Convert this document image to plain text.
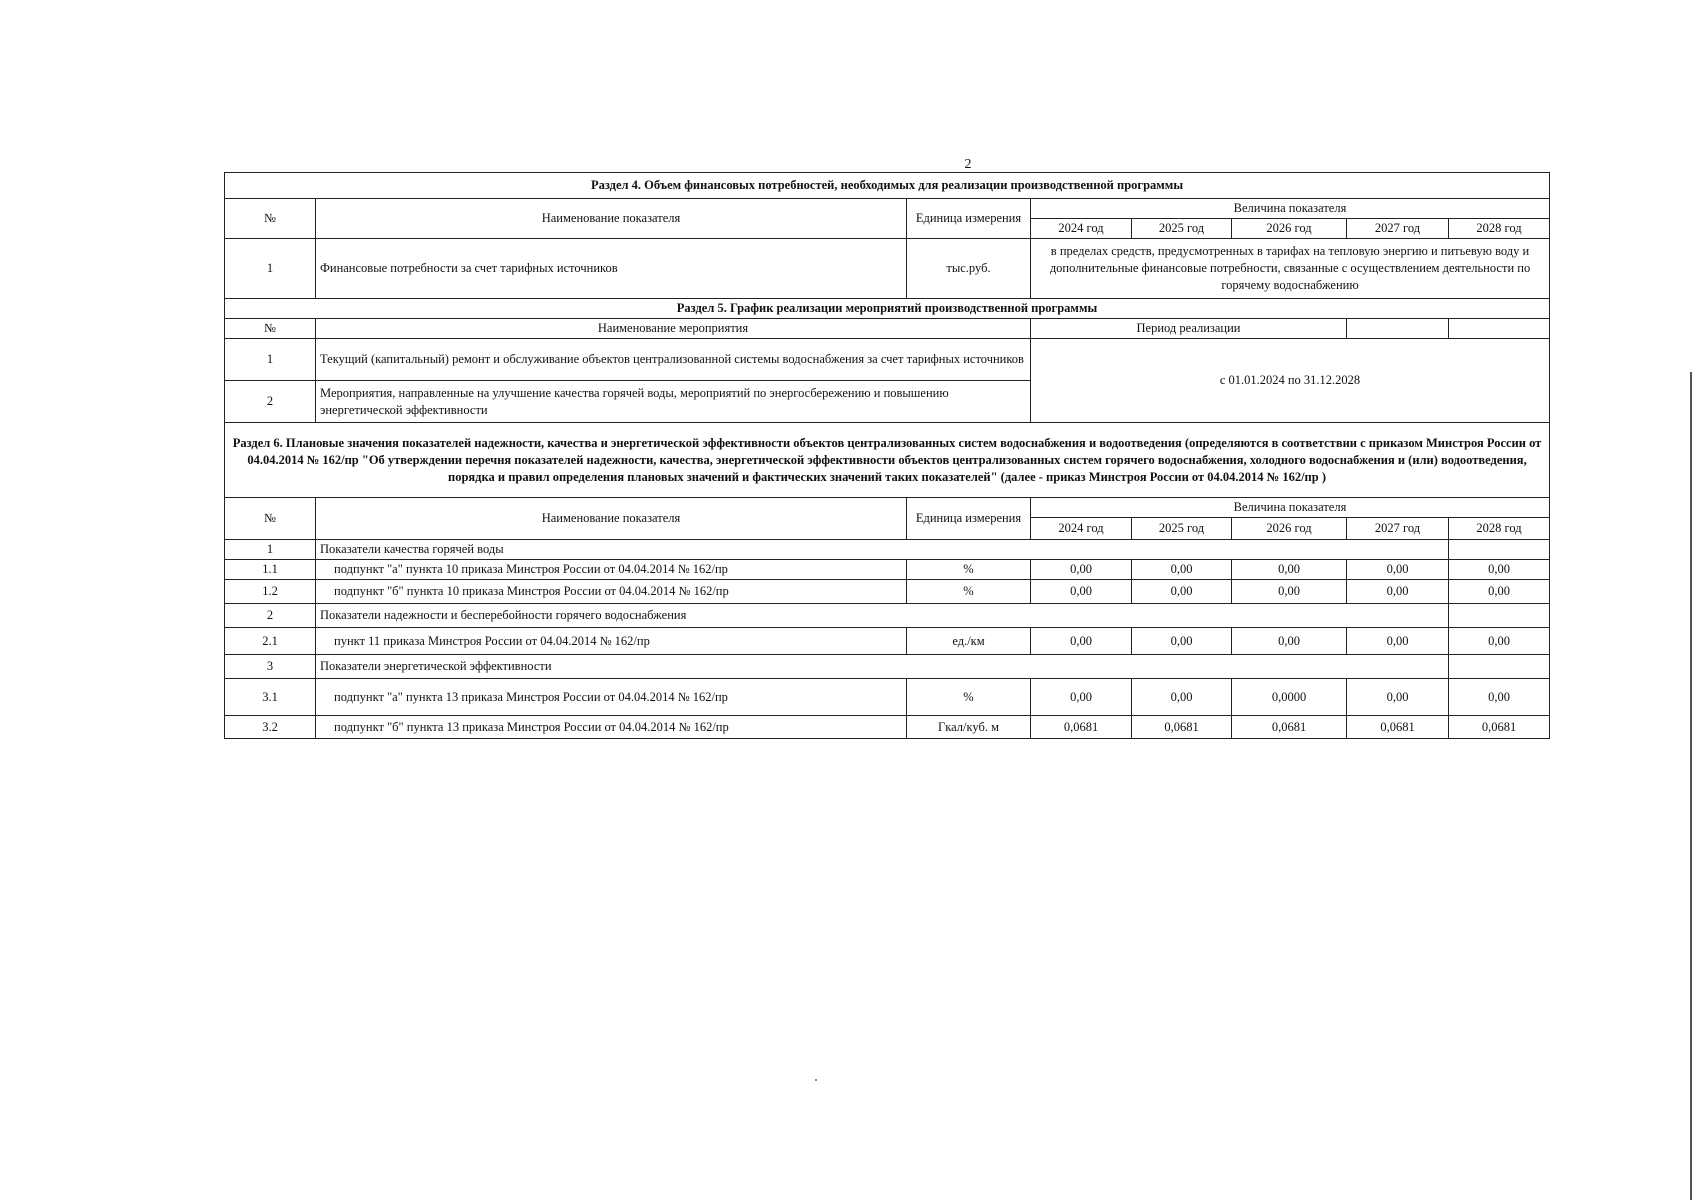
2
Раздел 4. Объем финансовых потребностей, необходимых для реализации производственной программы							
№	Наименование показателя	Единица измерения	Величина показателя				
			2024 год	2025 год	2026 год	2027 год	2028 год
1	Финансовые потребности за счет тарифных источников	тыс.руб.	в пределах средств, предусмотренных в тарифах на тепловую энергию и питьевую воду и дополнительные финансовые потребности, связанные с осуществлением деятельности по горячему водоснабжению				
Раздел 5. График реализации мероприятий производственной программы							
№	Наименование мероприятия		Период реализации				
1	Текущий (капитальный) ремонт и обслуживание объектов централизованной системы водоснабжения за счет тарифных источников		с 01.01.2024 по 31.12.2028				
2	Мероприятия, направленные на улучшение качества горячей воды, мероприятий по энергосбережению и повышению энергетической эффективности						
Раздел 6. Плановые значения показателей надежности, качества и энергетической эффективности объектов централизованных систем водоснабжения и водоотведения (определяются в соответствии с приказом Минстроя России от 04.04.2014 № 162/пр "Об утверждении перечня показателей надежности, качества, энергетической эффективности объектов централизованных систем горячего водоснабжения, холодного водоснабжения и (или) водоотведения, порядка и правил определения плановых значений и фактических значений таких показателей" (далее - приказ Минстроя России от 04.04.2014 № 162/пр )							
№	Наименование показателя	Единица измерения	Величина показателя				
			2024 год	2025 год	2026 год	2027 год	2028 год
1	Показатели качества горячей воды						
1.1	подпункт "а" пункта 10 приказа Минстроя России от 04.04.2014 № 162/пр	%	0,00	0,00	0,00	0,00	0,00
1.2	подпункт "б" пункта 10 приказа Минстроя России от 04.04.2014 № 162/пр	%	0,00	0,00	0,00	0,00	0,00
2	Показатели надежности и бесперебойности горячего водоснабжения						
2.1	пункт 11 приказа Минстроя России от 04.04.2014 № 162/пр	ед./км	0,00	0,00	0,00	0,00	0,00
3	Показатели энергетической эффективности						
3.1	подпункт "а" пункта 13 приказа Минстроя России от 04.04.2014 № 162/пр	%	0,00	0,00	0,0000	0,00	0,00
3.2	подпункт "б" пункта 13 приказа Минстроя России от 04.04.2014 № 162/пр	Гкал/куб. м	0,0681	0,0681	0,0681	0,0681	0,0681
